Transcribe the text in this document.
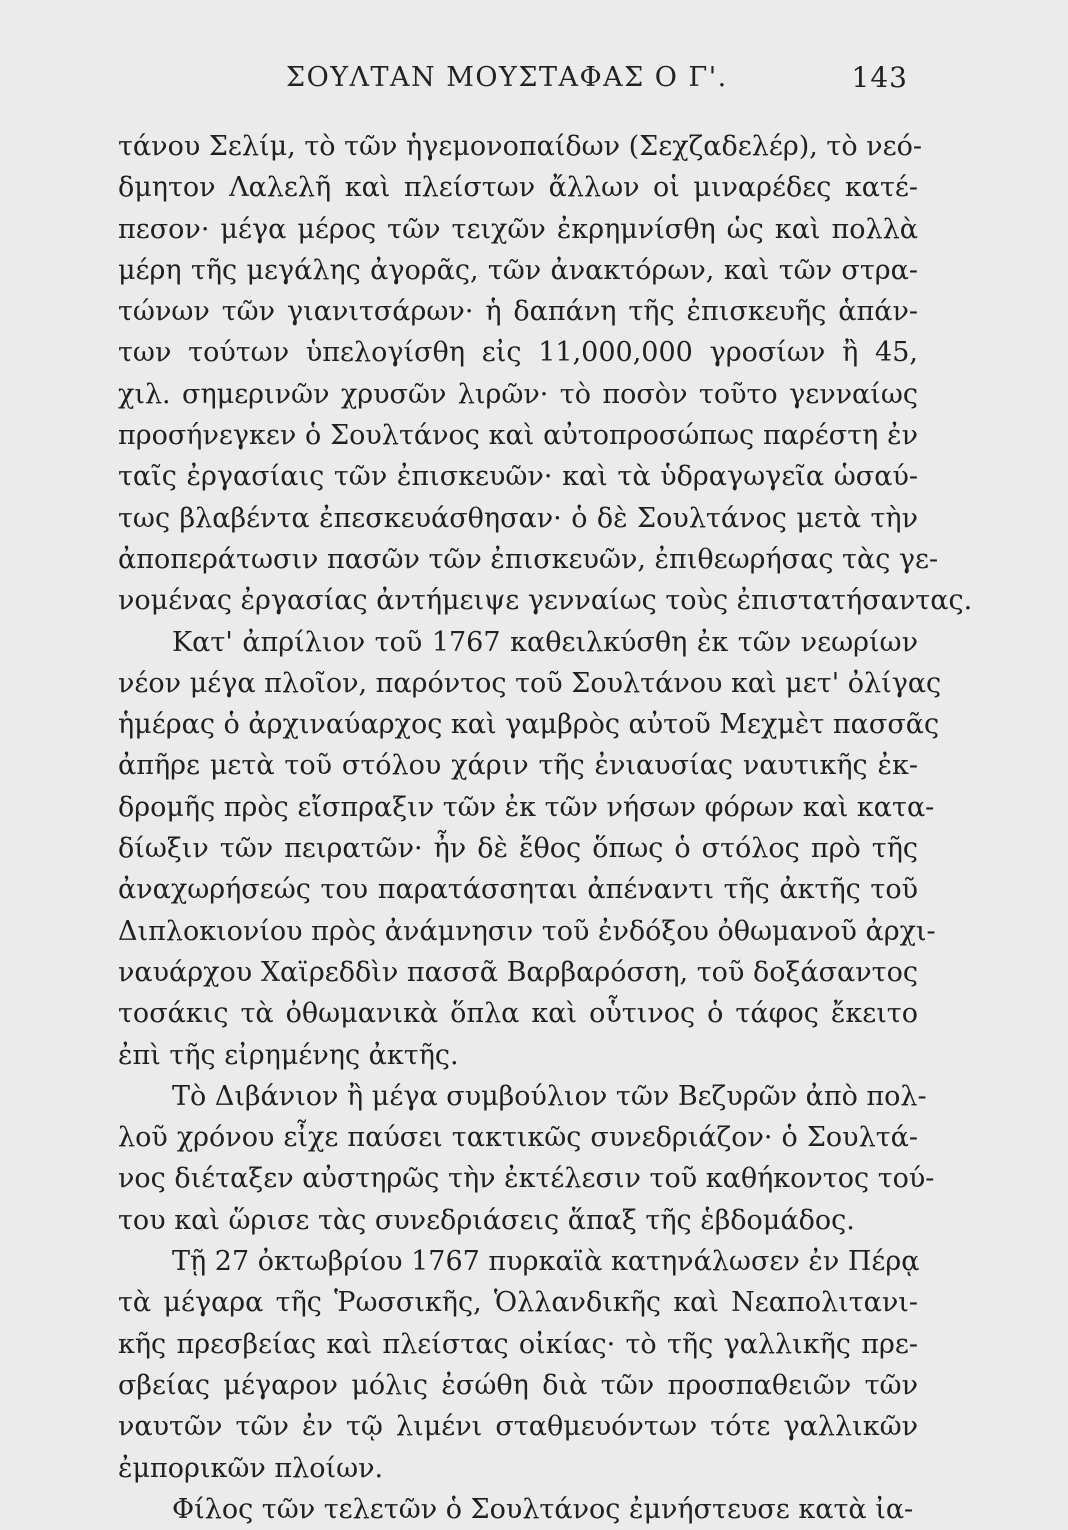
ΣΟΥΛΤΑΝ ΜΟΥΣΤΑΦΑΣ Ο Γ'.	143
τάνου Σελίμ, τὸ τῶν ἡγεμονοπαίδων (Σεχζαδελέρ), τὸ νεό-
δμητον Λαλελῆ καὶ πλείστων ἄλλων οἱ μιναρέδες κατέ-
πεσον· μέγα μέρος τῶν τειχῶν ἐκρημνίσθη ὡς καὶ πολλὰ
μέρη τῆς μεγάλης ἀγορᾶς, τῶν ἀνακτόρων, καὶ τῶν στρα-
τώνων τῶν γιανιτσάρων· ἡ δαπάνη τῆς ἐπισκευῆς ἁπάν-
των τούτων ὑπελογίσθη εἰς 11,000,000 γροσίων ἢ 45,
χιλ. σημερινῶν χρυσῶν λιρῶν· τὸ ποσὸν τοῦτο γενναίως
προσήνεγκεν ὁ Σουλτάνος καὶ αὐτοπροσώπως παρέστη ἐν
ταῖς ἐργασίαις τῶν ἐπισκευῶν· καὶ τὰ ὑδραγωγεῖα ὡσαύ-
τως βλαβέντα ἐπεσκευάσθησαν· ὁ δὲ Σουλτάνος μετὰ τὴν
ἀποπεράτωσιν πασῶν τῶν ἐπισκευῶν, ἐπιθεωρήσας τὰς γε-
νομένας ἐργασίας ἀντήμειψε γενναίως τοὺς ἐπιστατήσαντας.
Κατ' ἀπρίλιον τοῦ 1767 καθειλκύσθη ἐκ τῶν νεωρίων
νέον μέγα πλοῖον, παρόντος τοῦ Σουλτάνου καὶ μετ' ὀλίγας
ἡμέρας ὁ ἀρχιναύαρχος καὶ γαμβρὸς αὐτοῦ Μεχμὲτ πασσᾶς
ἀπῆρε μετὰ τοῦ στόλου χάριν τῆς ἐνιαυσίας ναυτικῆς ἐκ-
δρομῆς πρὸς εἴσπραξιν τῶν ἐκ τῶν νήσων φόρων καὶ κατα-
δίωξιν τῶν πειρατῶν· ἦν δὲ ἔθος ὅπως ὁ στόλος πρὸ τῆς
ἀναχωρήσεώς του παρατάσσηται ἀπέναντι τῆς ἀκτῆς τοῦ
Διπλοκιονίου πρὸς ἀνάμνησιν τοῦ ἐνδόξου ὀθωμανοῦ ἀρχι-
ναυάρχου Χαϊρεδδὶν πασσᾶ Βαρβαρόσση, τοῦ δοξάσαντος
τοσάκις τὰ ὀθωμανικὰ ὅπλα καὶ οὗτινος ὁ τάφος ἔκειτο
ἐπὶ τῆς εἰρημένης ἀκτῆς.
Τὸ Διβάνιον ἢ μέγα συμβούλιον τῶν Βεζυρῶν ἀπὸ πολ-
λοῦ χρόνου εἶχε παύσει τακτικῶς συνεδριάζον· ὁ Σουλτά-
νος διέταξεν αὐστηρῶς τὴν ἐκτέλεσιν τοῦ καθήκοντος τού-
του καὶ ὥρισε τὰς συνεδριάσεις ἅπαξ τῆς ἑβδομάδος.
Τῇ 27 ὀκτωβρίου 1767 πυρκαϊὰ κατηνάλωσεν ἐν Πέρᾳ
τὰ μέγαρα τῆς Ῥωσσικῆς, Ὁλλανδικῆς καὶ Νεαπολιτανι-
κῆς πρεσβείας καὶ πλείστας οἰκίας· τὸ τῆς γαλλικῆς πρε-
σβείας μέγαρον μόλις ἐσώθη διὰ τῶν προσπαθειῶν τῶν
ναυτῶν τῶν ἐν τῷ λιμένι σταθμευόντων τότε γαλλικῶν
ἐμπορικῶν πλοίων.
Φίλος τῶν τελετῶν ὁ Σουλτάνος ἐμνήστευσε κατὰ ἰα-
